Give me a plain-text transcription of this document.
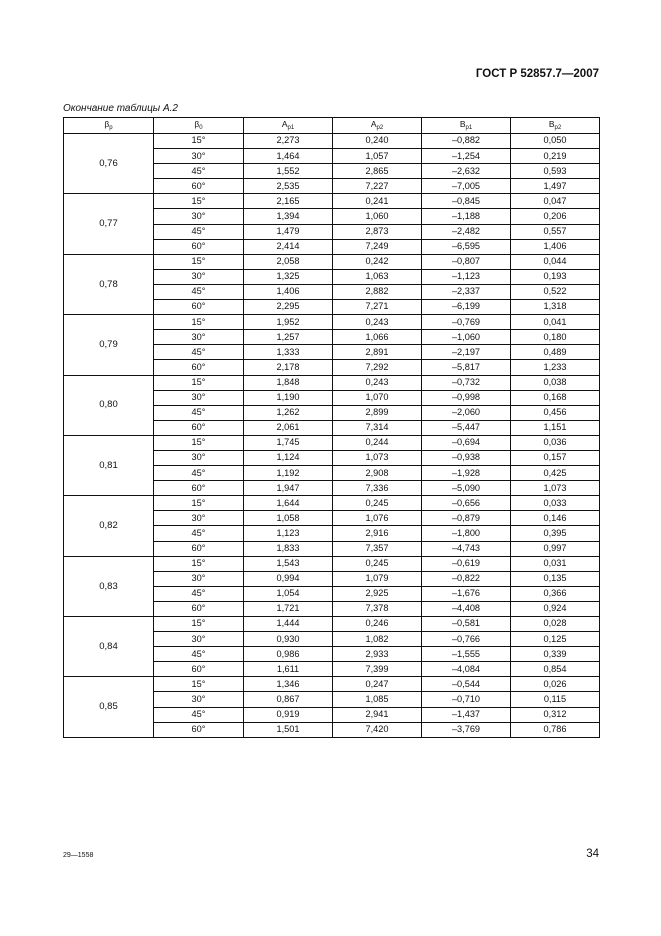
ГОСТ Р 52857.7—2007
Окончание таблицы А.2
$\beta_p$	$\beta_0$	$A_{p1}$	$A_{p2}$	$B_{p1}$	$B_{p2}$
0,76	15°	2,273	0,240	–0,882	0,050
	30°	1,464	1,057	–1,254	0,219
	45°	1,552	2,865	–2,632	0,593
	60°	2,535	7,227	–7,005	1,497
0,77	15°	2,165	0,241	–0,845	0,047
	30°	1,394	1,060	–1,188	0,206
	45°	1,479	2,873	–2,482	0,557
	60°	2,414	7,249	–6,595	1,406
0,78	15°	2,058	0,242	–0,807	0,044
	30°	1,325	1,063	–1,123	0,193
	45°	1,406	2,882	–2,337	0,522
	60°	2,295	7,271	–6,199	1,318
0,79	15°	1,952	0,243	–0,769	0,041
	30°	1,257	1,066	–1,060	0,180
	45°	1,333	2,891	–2,197	0,489
	60°	2,178	7,292	–5,817	1,233
0,80	15°	1,848	0,243	–0,732	0,038
	30°	1,190	1,070	–0,998	0,168
	45°	1,262	2,899	–2,060	0,456
	60°	2,061	7,314	–5,447	1,151
0,81	15°	1,745	0,244	–0,694	0,036
	30°	1,124	1,073	–0,938	0,157
	45°	1,192	2,908	–1,928	0,425
	60°	1,947	7,336	–5,090	1,073
0,82	15°	1,644	0,245	–0,656	0,033
	30°	1,058	1,076	–0,879	0,146
	45°	1,123	2,916	–1,800	0,395
	60°	1,833	7,357	–4,743	0,997
0,83	15°	1,543	0,245	–0,619	0,031
	30°	0,994	1,079	–0,822	0,135
	45°	1,054	2,925	–1,676	0,366
	60°	1,721	7,378	–4,408	0,924
0,84	15°	1,444	0,246	–0,581	0,028
	30°	0,930	1,082	–0,766	0,125
	45°	0,986	2,933	–1,555	0,339
	60°	1,611	7,399	–4,084	0,854
0,85	15°	1,346	0,247	–0,544	0,026
	30°	0,867	1,085	–0,710	0,115
	45°	0,919	2,941	–1,437	0,312
	60°	1,501	7,420	–3,769	0,786
29—1558	34
